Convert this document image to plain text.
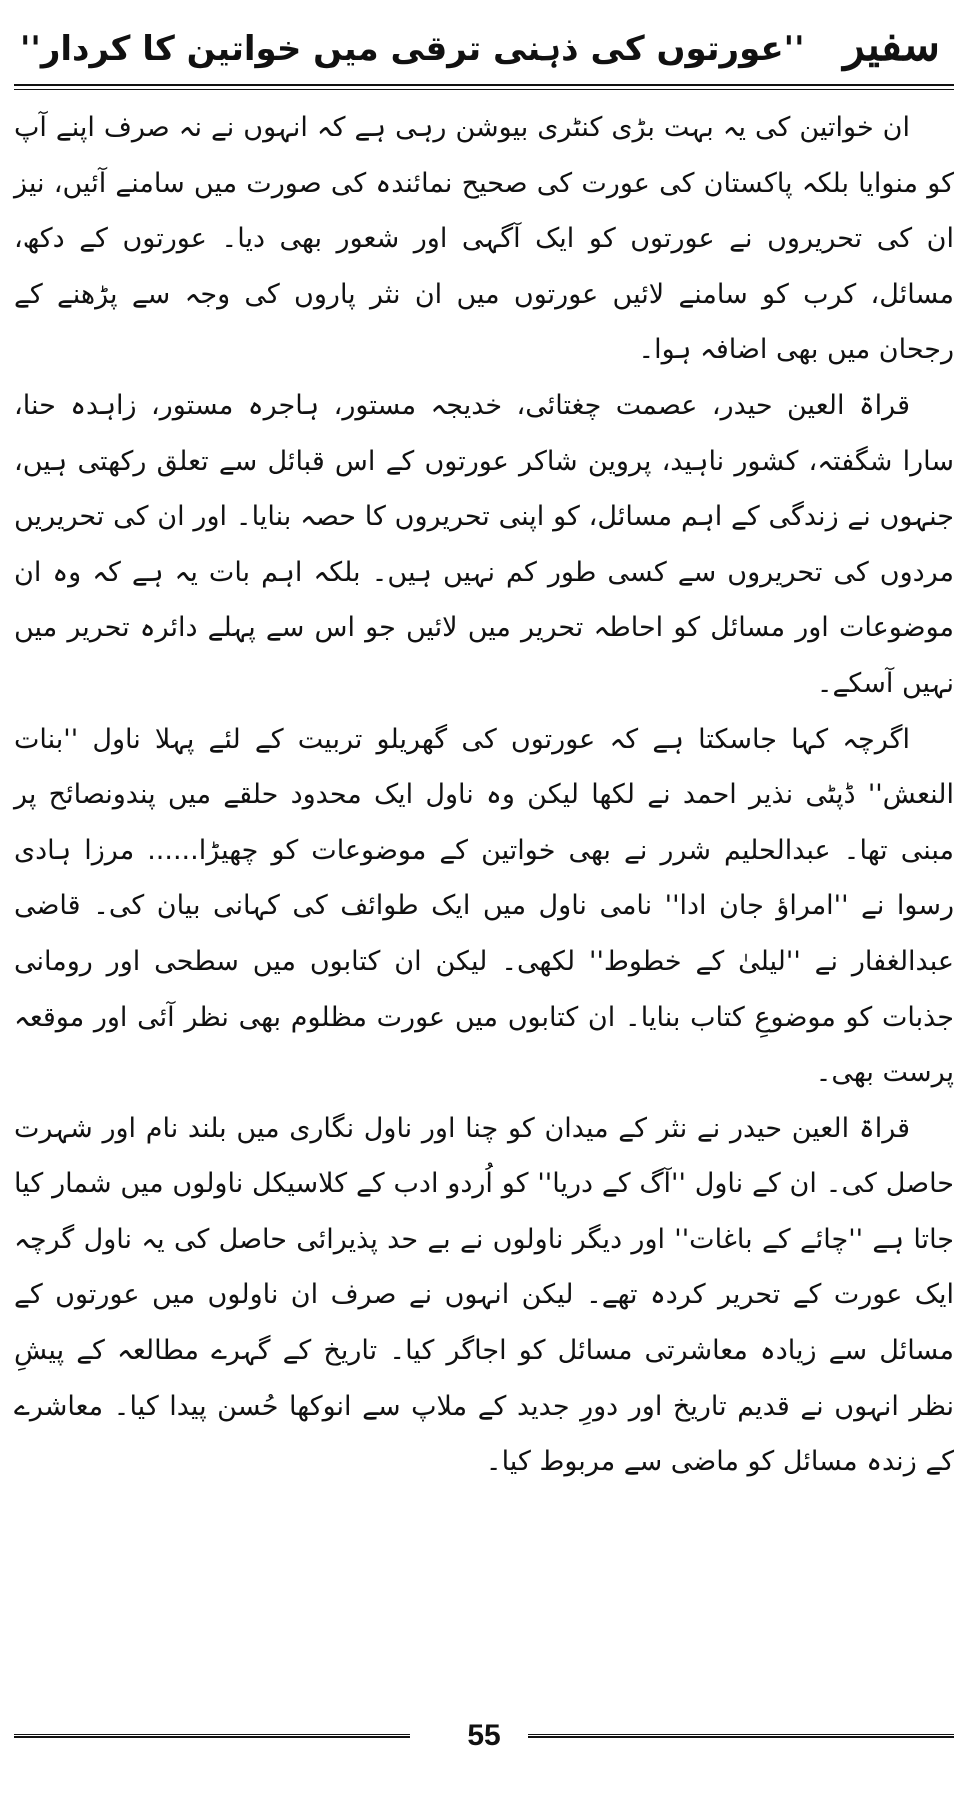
سفیر
''عورتوں کی ذہنی ترقی میں خواتین کا کردار''

ان خواتین کی یہ بہت بڑی کنٹری بیوشن رہی ہے کہ انہوں نے نہ صرف اپنے آپ کو منوایا بلکہ پاکستان کی عورت کی صحیح نمائندہ کی صورت میں سامنے آئیں، نیز ان کی تحریروں نے عورتوں کو ایک آگہی اور شعور بھی دیا۔ عورتوں کے دکھ، مسائل، کرب کو سامنے لائیں عورتوں میں ان نثر پاروں کی وجہ سے پڑھنے کے رجحان میں بھی اضافہ ہوا۔

قراۃ العین حیدر، عصمت چغتائی، خدیجہ مستور، ہاجرہ مستور، زاہدہ حنا، سارا شگفتہ، کشور ناہید، پروین شاکر عورتوں کے اس قبائل سے تعلق رکھتی ہیں، جنہوں نے زندگی کے اہم مسائل، کو اپنی تحریروں کا حصہ بنایا۔ اور ان کی تحریریں مردوں کی تحریروں سے کسی طور کم نہیں ہیں۔ بلکہ اہم بات یہ ہے کہ وہ ان موضوعات اور مسائل کو احاطہ تحریر میں لائیں جو اس سے پہلے دائرہ تحریر میں نہیں آسکے۔

اگرچہ کہا جاسکتا ہے کہ عورتوں کی گھریلو تربیت کے لئے پہلا ناول ''بنات النعش'' ڈپٹی نذیر احمد نے لکھا لیکن وہ ناول ایک محدود حلقے میں پندونصائح پر مبنی تھا۔ عبدالحلیم شرر نے بھی خواتین کے موضوعات کو چھیڑا...... مرزا ہادی رسوا نے ''امراؤ جان ادا'' نامی ناول میں ایک طوائف کی کہانی بیان کی۔ قاضی عبدالغفار نے ''لیلیٰ کے خطوط'' لکھی۔ لیکن ان کتابوں میں سطحی اور رومانی جذبات کو موضوعِ کتاب بنایا۔ ان کتابوں میں عورت مظلوم بھی نظر آئی اور موقعہ پرست بھی۔

قراۃ العین حیدر نے نثر کے میدان کو چنا اور ناول نگاری میں بلند نام اور شہرت حاصل کی۔ ان کے ناول ''آگ کے دریا'' کو اُردو ادب کے کلاسیکل ناولوں میں شمار کیا جاتا ہے ''چائے کے باغات'' اور دیگر ناولوں نے بے حد پذیرائی حاصل کی یہ ناول گرچہ ایک عورت کے تحریر کردہ تھے۔ لیکن انہوں نے صرف ان ناولوں میں عورتوں کے مسائل سے زیادہ معاشرتی مسائل کو اجاگر کیا۔ تاریخ کے گہرے مطالعہ کے پیشِ نظر انہوں نے قدیم تاریخ اور دورِ جدید کے ملاپ سے انوکھا حُسن پیدا کیا۔ معاشرے کے زندہ مسائل کو ماضی سے مربوط کیا۔

55
